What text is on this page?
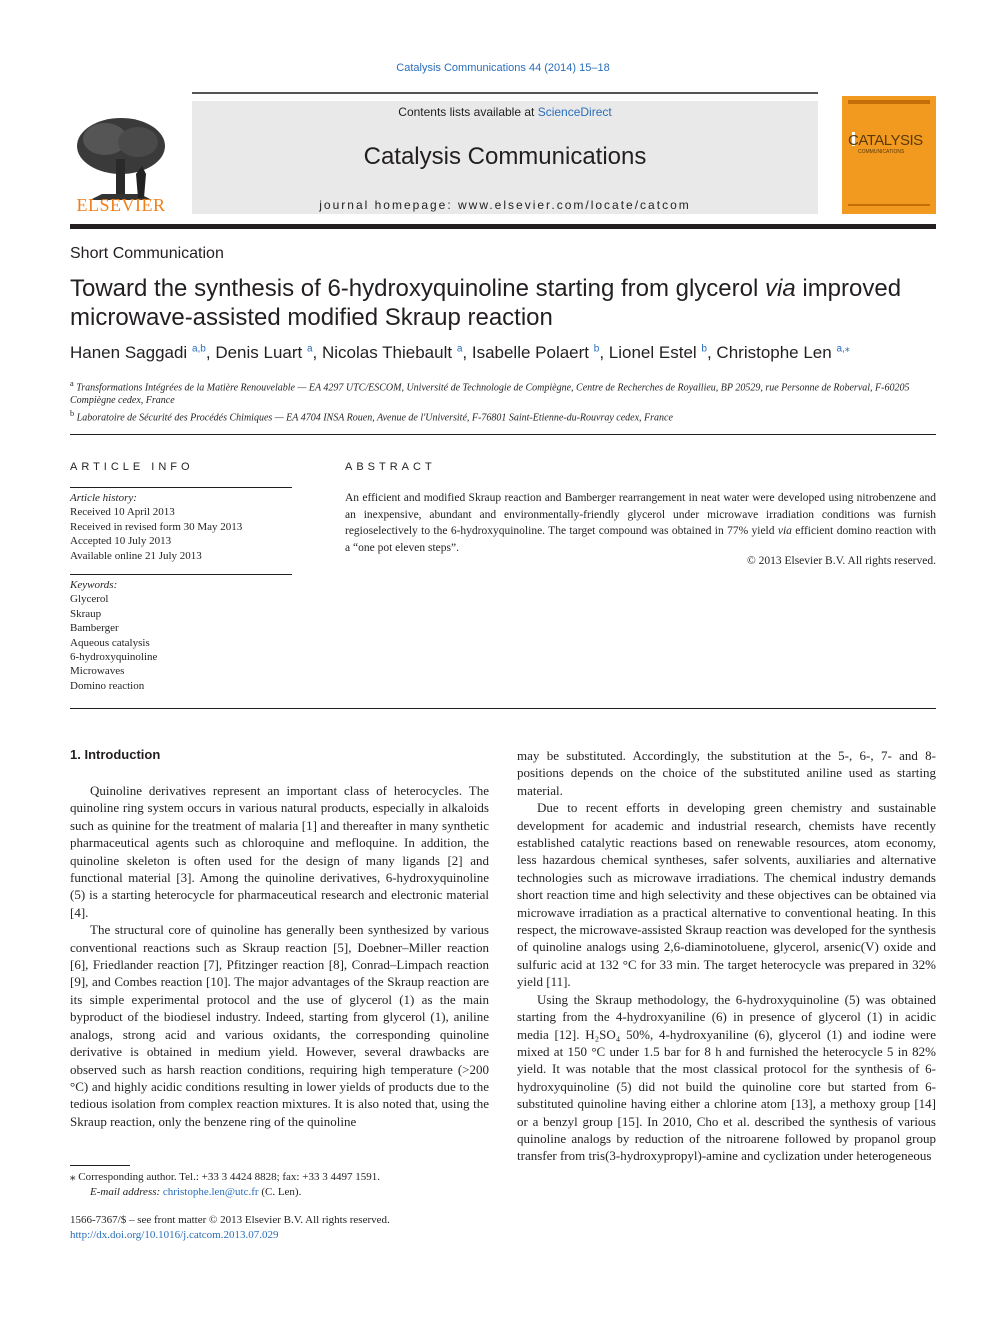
Catalysis Communications 44 (2014) 15–18
ELSEVIER
Contents lists available at ScienceDirect
Catalysis Communications
journal homepage: www.elsevier.com/locate/catcom
CATALYSIS
COMMUNICATIONS
Short Communication
Toward the synthesis of 6-hydroxyquinoline starting from glycerol via improved microwave-assisted modified Skraup reaction
Hanen Saggadi $^{a,b}$, Denis Luart $^a$, Nicolas Thiebault $^a$, Isabelle Polaert $^b$, Lionel Estel $^b$, Christophe Len $^{a,⁎}$
$^a$ Transformations Intégrées de la Matière Renouvelable — EA 4297 UTC/ESCOM, Université de Technologie de Compiègne, Centre de Recherches de Royallieu, BP 20529, rue Personne de Roberval, F-60205 Compiègne cedex, France
$^b$ Laboratoire de Sécurité des Procédés Chimiques — EA 4704 INSA Rouen, Avenue de l'Université, F-76801 Saint-Etienne-du-Rouvray cedex, France
ARTICLE INFO
Article history:
Received 10 April 2013
Received in revised form 30 May 2013
Accepted 10 July 2013
Available online 21 July 2013
Keywords:
Glycerol
Skraup
Bamberger
Aqueous catalysis
6-hydroxyquinoline
Microwaves
Domino reaction
ABSTRACT
An efficient and modified Skraup reaction and Bamberger rearrangement in neat water were developed using nitrobenzene and an inexpensive, abundant and environmentally-friendly glycerol under microwave irradiation conditions was furnish regioselectively to the 6-hydroxyquinoline. The target compound was obtained in 77% yield via efficient domino reaction with a “one pot eleven steps”.
© 2013 Elsevier B.V. All rights reserved.
1. Introduction

Quinoline derivatives represent an important class of heterocycles. The quinoline ring system occurs in various natural products, especially in alkaloids such as quinine for the treatment of malaria [1] and thereafter in many synthetic pharmaceutical agents such as chloroquine and mefloquine. In addition, the quinoline skeleton is often used for the design of many ligands [2] and functional material [3]. Among the quinoline derivatives, 6-hydroxyquinoline (5) is a starting heterocycle for pharmaceutical research and electronic material [4].

The structural core of quinoline has generally been synthesized by various conventional reactions such as Skraup reaction [5], Doebner–Miller reaction [6], Friedlander reaction [7], Pfitzinger reaction [8], Conrad–Limpach reaction [9], and Combes reaction [10]. The major advantages of the Skraup reaction are its simple experimental protocol and the use of glycerol (1) as the main byproduct of the biodiesel industry. Indeed, starting from glycerol (1), aniline analogs, strong acid and various oxidants, the corresponding quinoline derivative is obtained in medium yield. However, several drawbacks are observed such as harsh reaction conditions, requiring high temperature (>200 °C) and highly acidic conditions resulting in lower yields of products due to the tedious isolation from complex reaction mixtures. It is also noted that, using the Skraup reaction, only the benzene ring of the quinoline

may be substituted. Accordingly, the substitution at the 5-, 6-, 7- and 8- positions depends on the choice of the substituted aniline used as starting material.

Due to recent efforts in developing green chemistry and sustainable development for academic and industrial research, chemists have recently established catalytic reactions based on renewable resources, atom economy, less hazardous chemical syntheses, safer solvents, auxiliaries and alternative technologies such as microwave irradiations. The chemical industry demands short reaction time and high selectivity and these objectives can be obtained via microwave irradiation as a practical alternative to conventional heating. In this respect, the microwave-assisted Skraup reaction was developed for the synthesis of quinoline analogs using 2,6-diaminotoluene, glycerol, arsenic(V) oxide and sulfuric acid at 132 °C for 33 min. The target heterocycle was prepared in 32% yield [11].

Using the Skraup methodology, the 6-hydroxyquinoline (5) was obtained starting from the 4-hydroxyaniline (6) in presence of glycerol (1) in acidic media [12]. H₂SO₄ 50%, 4-hydroxyaniline (6), glycerol (1) and iodine were mixed at 150 °C under 1.5 bar for 8 h and furnished the heterocycle 5 in 82% yield. It was notable that the most classical protocol for the synthesis of 6-hydroxyquinoline (5) did not build the quinoline core but started from 6-substituted quinoline having either a chlorine atom [13], a methoxy group [14] or a benzyl group [15]. In 2010, Cho et al. described the synthesis of various quinoline analogs by reduction of the nitroarene followed by propanol group transfer from tris(3-hydroxypropyl)-amine and cyclization under heterogeneous

⁎ Corresponding author. Tel.: +33 3 4424 8828; fax: +33 3 4497 1591.
E-mail address: christophe.len@utc.fr (C. Len).
1566-7367/$ – see front matter © 2013 Elsevier B.V. All rights reserved.
http://dx.doi.org/10.1016/j.catcom.2013.07.029
